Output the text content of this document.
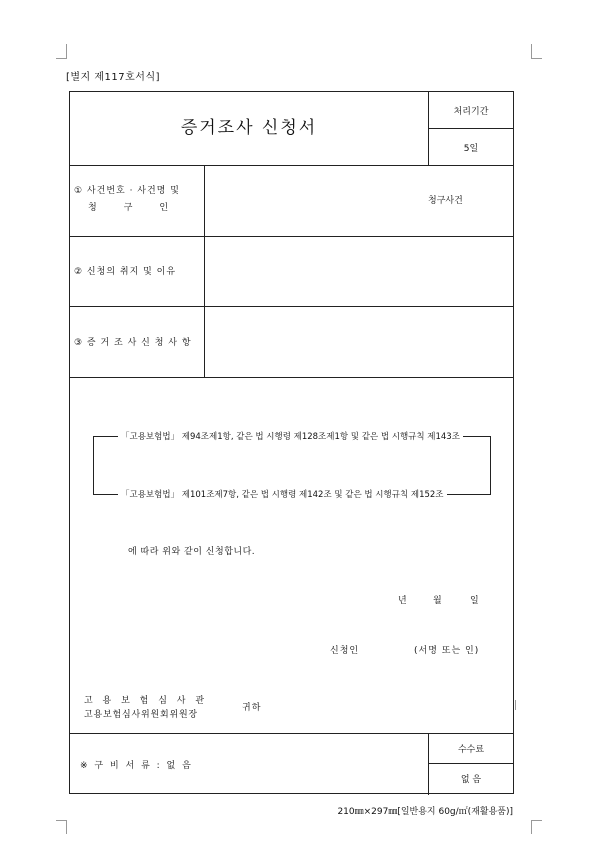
[별지 제117호서식]
증거조사 신청서
처리기간
5일
① 사건번호 · 사건명 및
청　　　구　　　인
청구사건
② 신청의 취지 및 이유
③ 증 거 조 사 신 청 사 항
「고용보험법」 제94조제1항, 같은 법 시행령 제128조제1항 및 같은 법 시행규칙 제143조
「고용보험법」 제101조제7항, 같은 법 시행령 제142조 및 같은 법 시행규칙 제152조
에 따라 위와 같이 신청합니다.
년	월	일
신청인	(서명 또는 인)
고 용 보 험 심 사 관
고용보험심사위원회위원장
귀하
※ 구 비 서 류 : 없 음
수수료
없 음
210㎜×297㎜[일반용지 60g/㎡(재활용품)]
